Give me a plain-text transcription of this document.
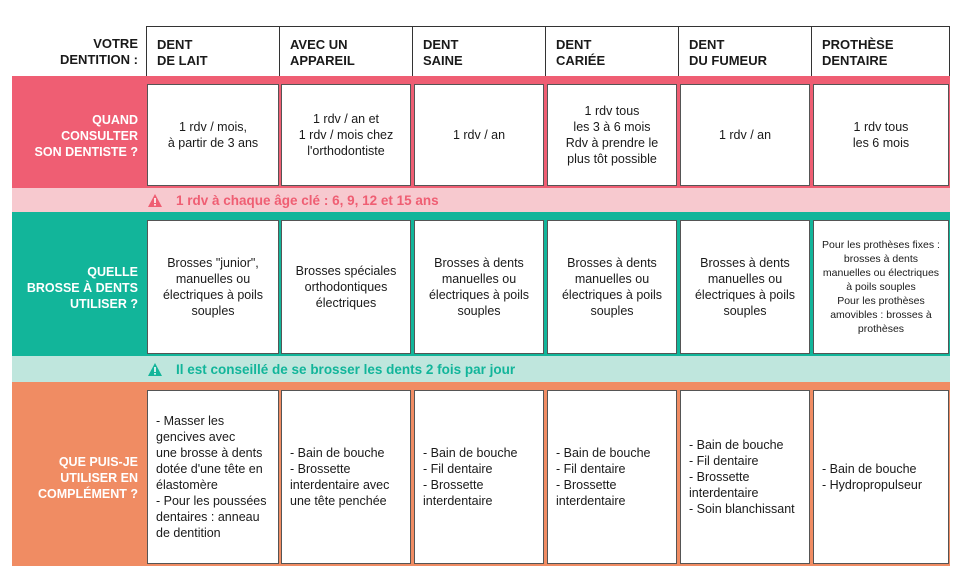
VOTRE
DENTITION :
DENT
DE LAIT
AVEC UN
APPAREIL
DENT
SAINE
DENT
CARIÉE
DENT
DU FUMEUR
PROTHÈSE
DENTAIRE
QUAND
CONSULTER
SON DENTISTE ?
1 rdv / mois,
à partir de 3 ans
1 rdv / an et
1 rdv / mois chez
l'orthodontiste
1 rdv / an
1 rdv tous
les 3 à 6 mois
Rdv à prendre le
plus tôt possible
1 rdv / an
1 rdv tous
les 6 mois
1 rdv à chaque âge clé : 6, 9, 12 et 15 ans
QUELLE
BROSSE À DENTS
UTILISER ?
Brosses "junior",
manuelles ou
électriques à poils
souples
Brosses spéciales
orthodontiques
électriques
Brosses à dents
manuelles ou
électriques à poils
souples
Brosses à dents
manuelles ou
électriques à poils
souples
Brosses à dents
manuelles ou
électriques à poils
souples
Pour les prothèses fixes :
brosses à dents
manuelles ou électriques
à poils souples
Pour les prothèses
amovibles : brosses à
prothèses
Il est conseillé de se brosser les dents 2 fois par jour
QUE PUIS-JE
UTILISER EN
COMPLÉMENT ?
- Masser les
gencives avec
une brosse à dents
dotée d'une tête en
élastomère
- Pour les poussées
dentaires : anneau
de dentition
- Bain de bouche
- Brossette
interdentaire avec
une tête penchée
- Bain de bouche
- Fil dentaire
- Brossette
interdentaire
- Bain de bouche
- Fil dentaire
- Brossette
interdentaire
- Bain de bouche
- Fil dentaire
- Brossette
interdentaire
- Soin blanchissant
- Bain de bouche
- Hydropropulseur
